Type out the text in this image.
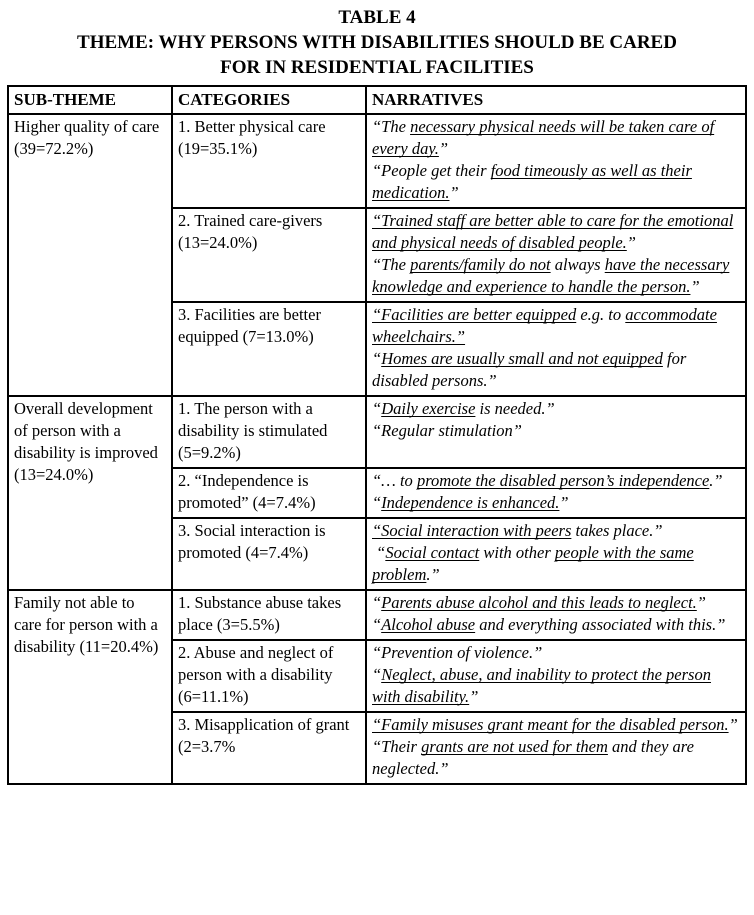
TABLE 4
THEME: WHY PERSONS WITH DISABILITIES SHOULD BE CARED
FOR IN RESIDENTIAL FACILITIES
SUB-THEME	CATEGORIES	NARRATIVES
Higher quality of care (39=72.2%)	1. Better physical care (19=35.1%)	“The necessary physical needs will be taken care of every day.”
“People get their food timeously as well as their medication.”

	2. Trained care-givers (13=24.0%)	“Trained staff are better able to care for the emotional and physical needs of disabled people.”
“The parents/family do not always have the necessary knowledge and experience to handle the person.”

	3. Facilities are better equipped (7=13.0%)	“Facilities are better equipped e.g. to accommodate wheelchairs.”
“Homes are usually small and not equipped for disabled persons.”

Overall development of person with a disability is improved (13=24.0%)	1. The person with a disability is stimulated (5=9.2%)	“Daily exercise is needed.”
“Regular stimulation”

	2. “Independence is promoted” (4=7.4%)	“… to promote the disabled person’s independence.”
“Independence is enhanced.”

	3. Social interaction is promoted (4=7.4%)	“Social interaction with peers takes place.”
“Social contact with other people with the same problem.”

Family not able to care for person with a disability (11=20.4%)	1. Substance abuse takes place (3=5.5%)	“Parents abuse alcohol and this leads to neglect.”
“Alcohol abuse and everything associated with this.”

	2. Abuse and neglect of person with a disability (6=11.1%)	“Prevention of violence.”
“Neglect, abuse, and inability to protect the person with disability.”

	3. Misapplication of grant (2=3.7%	“Family misuses grant meant for the disabled person.”
“Their grants are not used for them and they are neglected.”
